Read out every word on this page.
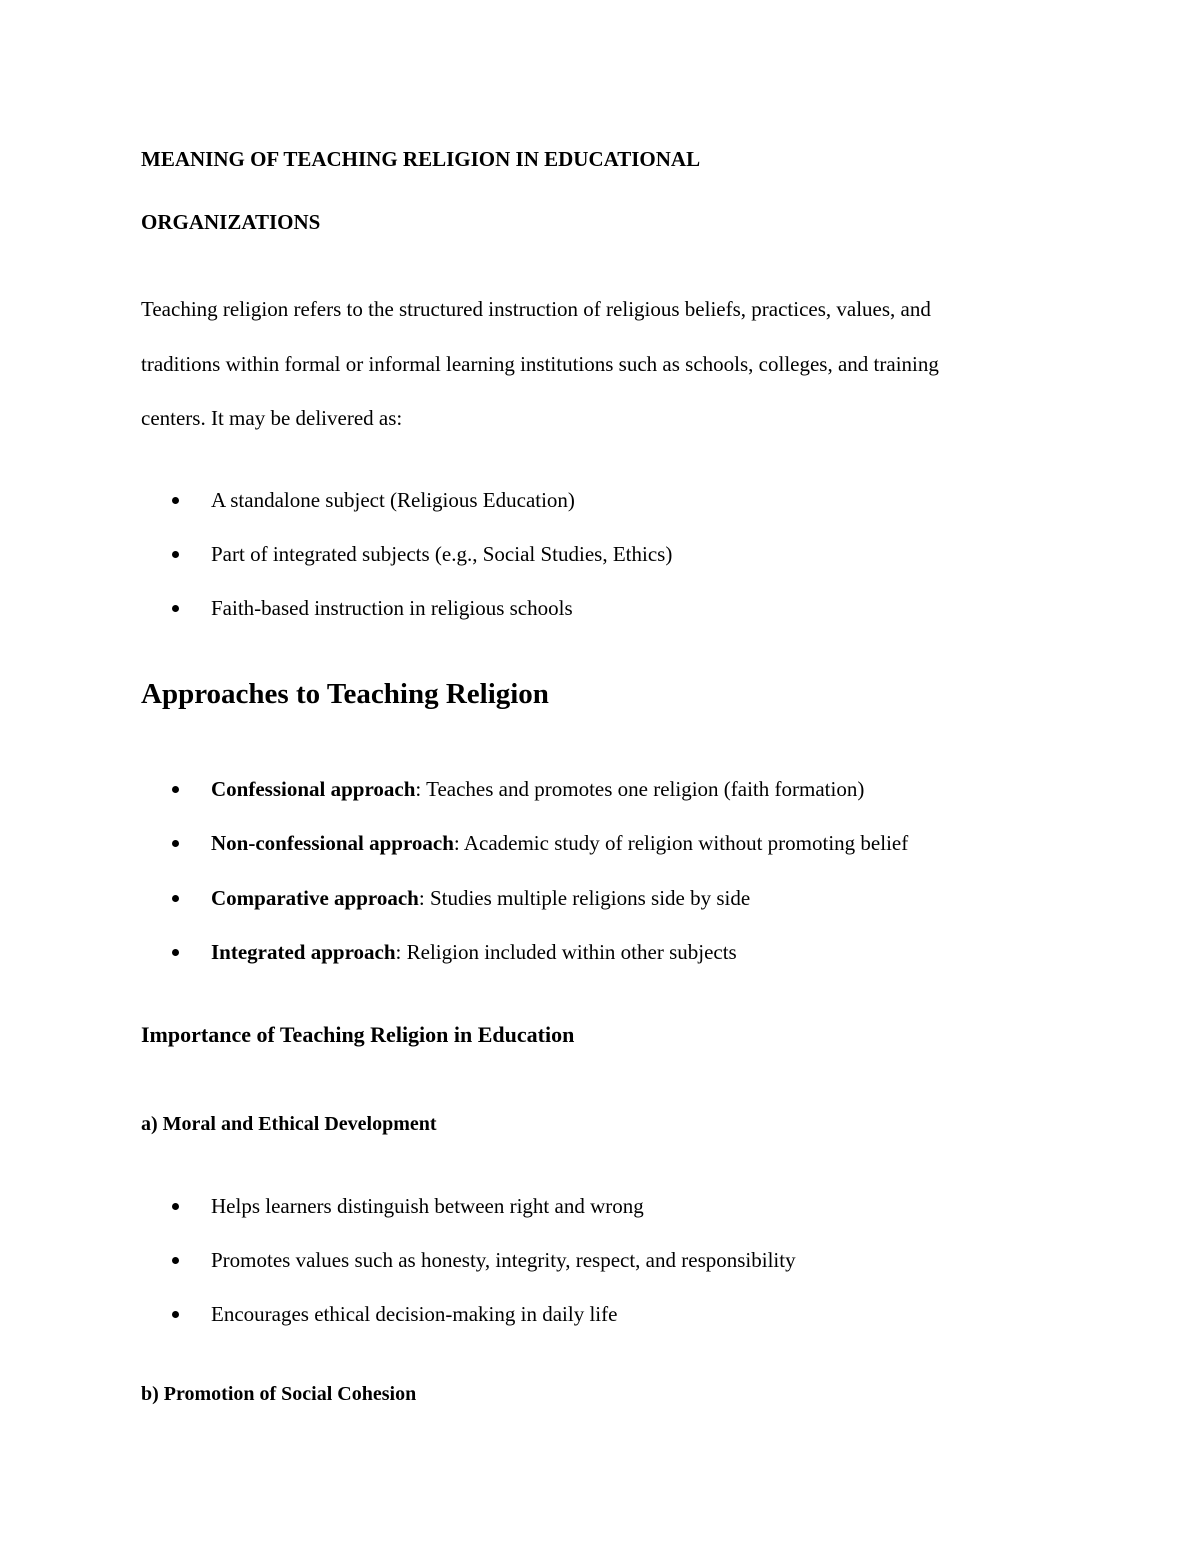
MEANING OF TEACHING RELIGION IN EDUCATIONAL
ORGANIZATIONS
Teaching religion refers to the structured instruction of religious beliefs, practices, values, and
traditions within formal or informal learning institutions such as schools, colleges, and training
centers. It may be delivered as:
A standalone subject (Religious Education)
Part of integrated subjects (e.g., Social Studies, Ethics)
Faith-based instruction in religious schools
Approaches to Teaching Religion
Confessional approach: Teaches and promotes one religion (faith formation)
Non-confessional approach: Academic study of religion without promoting belief
Comparative approach: Studies multiple religions side by side
Integrated approach: Religion included within other subjects
Importance of Teaching Religion in Education
a) Moral and Ethical Development
Helps learners distinguish between right and wrong
Promotes values such as honesty, integrity, respect, and responsibility
Encourages ethical decision-making in daily life
b) Promotion of Social Cohesion
